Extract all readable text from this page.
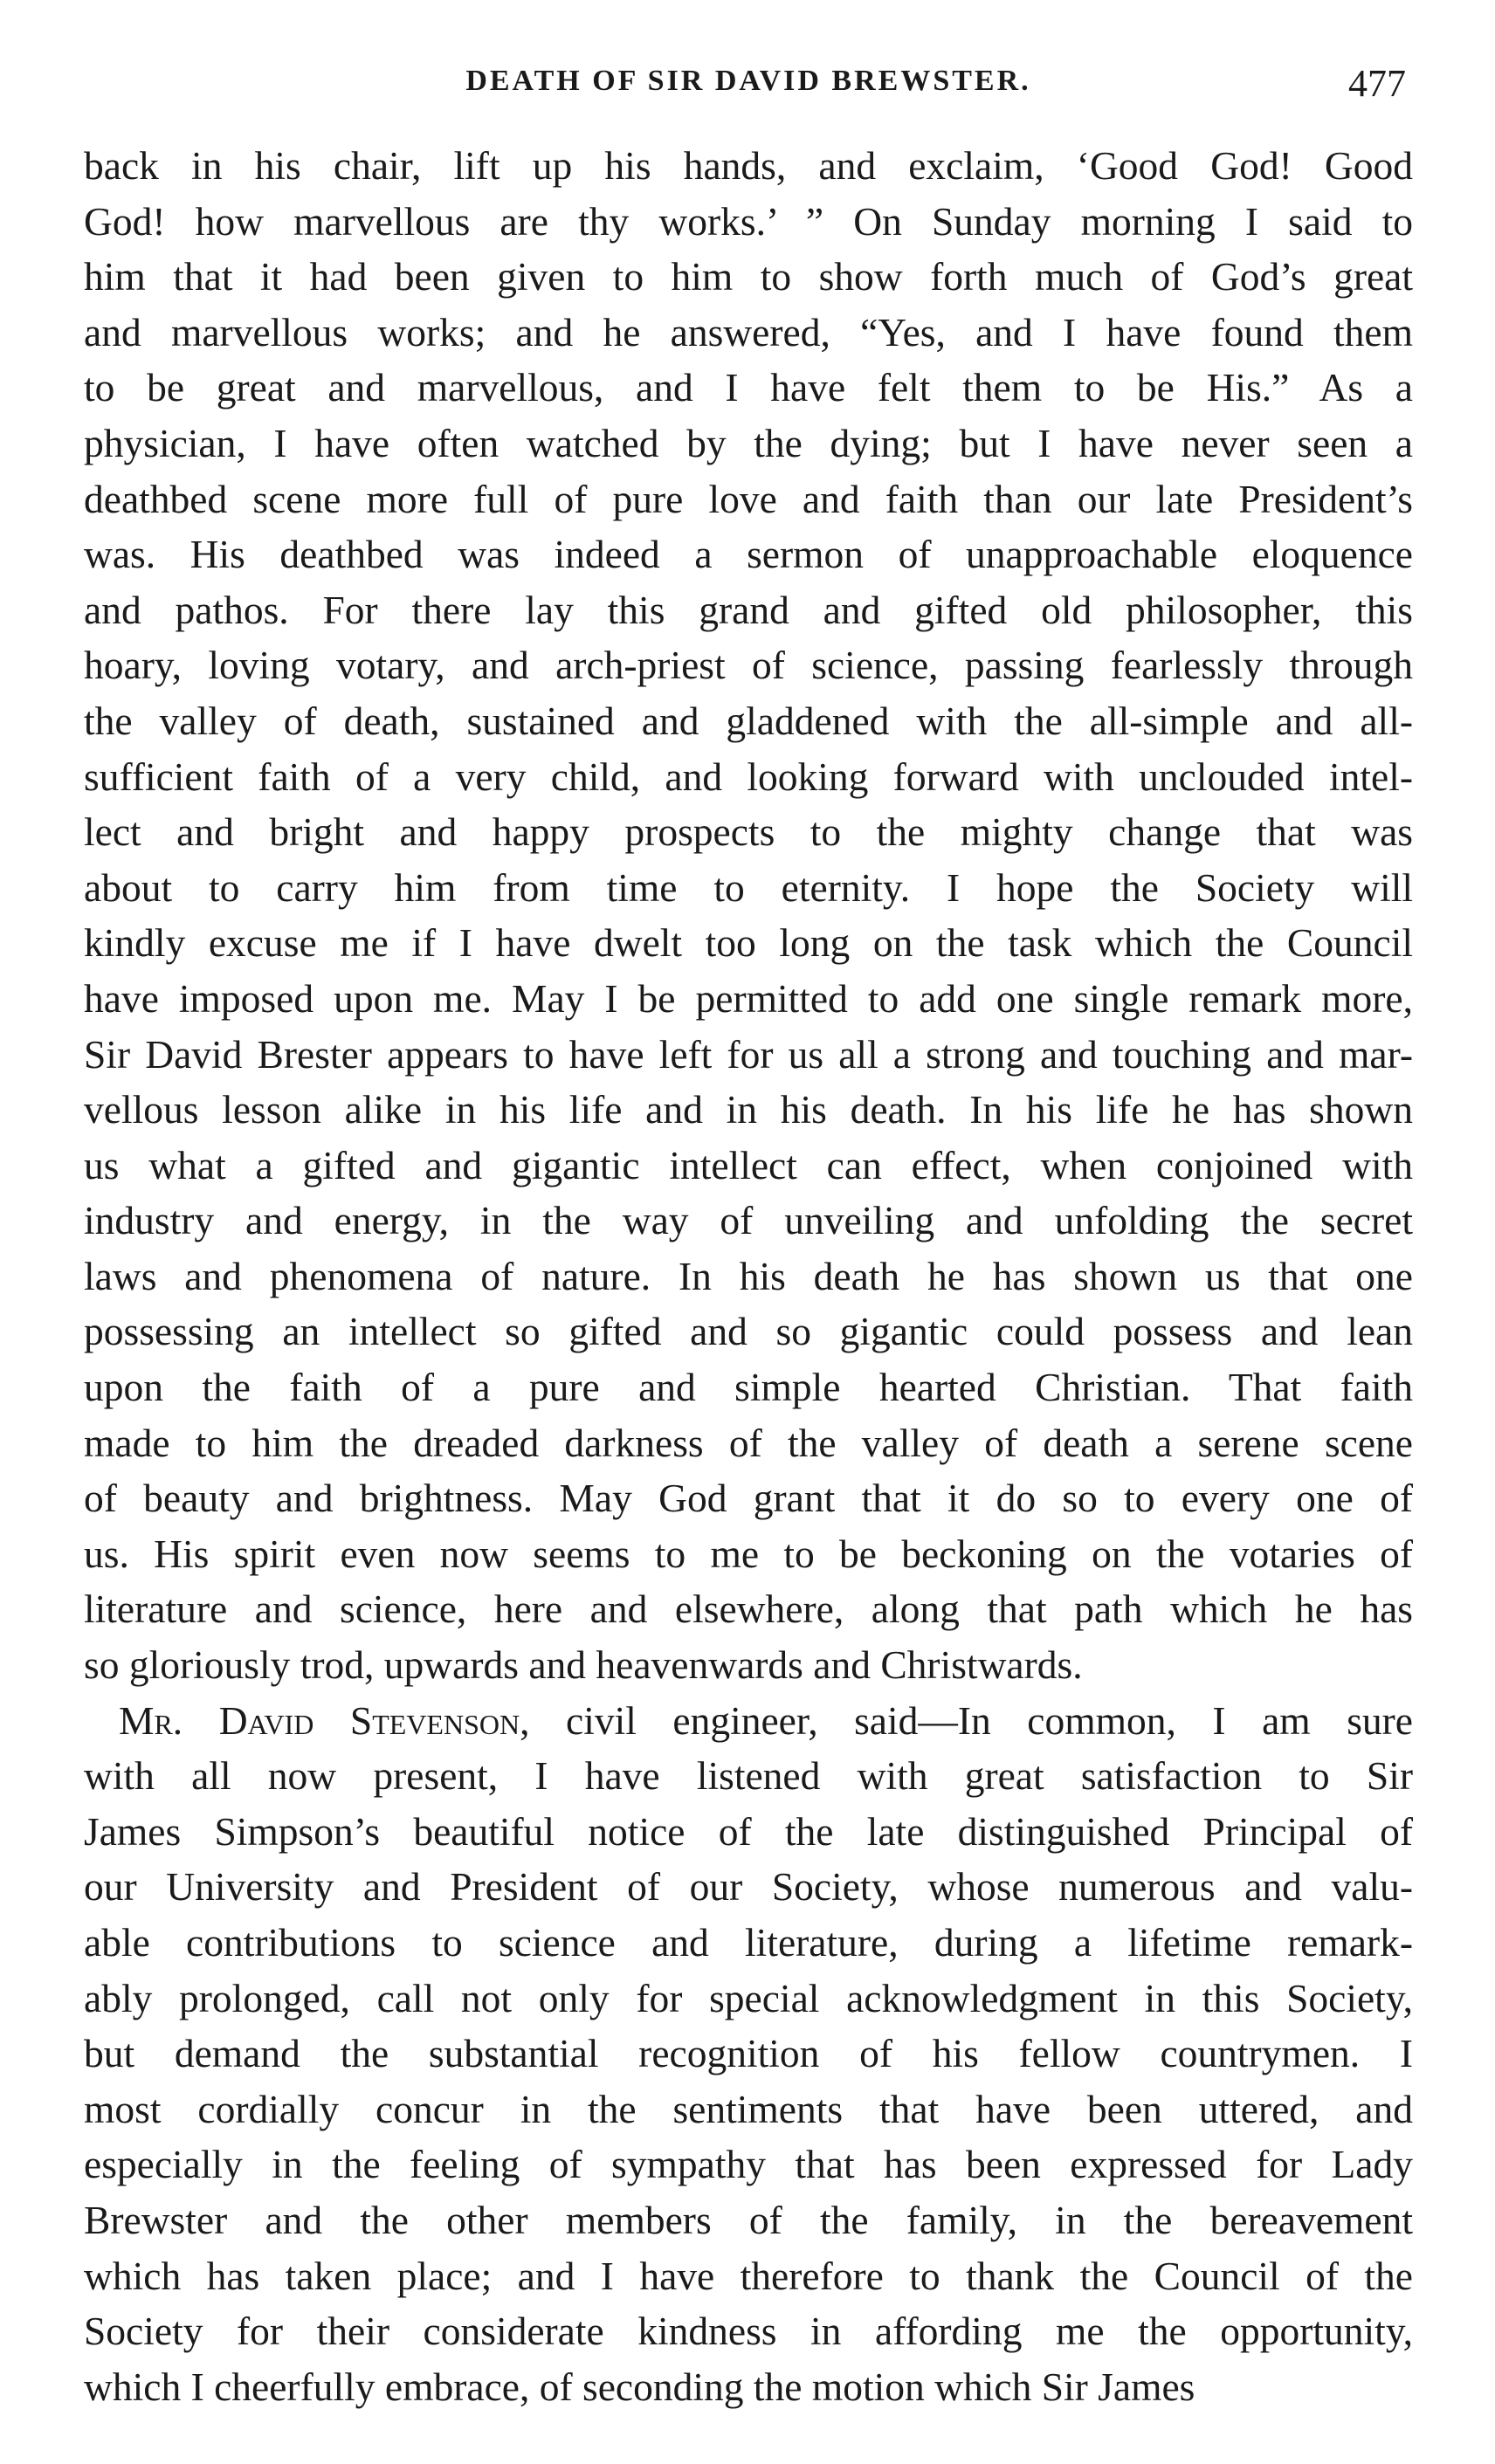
DEATH OF SIR DAVID BREWSTER.	477
back in his chair, lift up his hands, and exclaim, ‘Good God! Good
God! how marvellous are thy works.’ ” On Sunday morning I said to
him that it had been given to him to show forth much of God’s great
and marvellous works; and he answered, “Yes, and I have found them
to be great and marvellous, and I have felt them to be His.” As a
physician, I have often watched by the dying; but I have never seen a
deathbed scene more full of pure love and faith than our late President’s
was. His deathbed was indeed a sermon of unapproachable eloquence
and pathos. For there lay this grand and gifted old philosopher, this
hoary, loving votary, and arch-priest of science, passing fearlessly through
the valley of death, sustained and gladdened with the all-simple and all-
sufficient faith of a very child, and looking forward with unclouded intel-
lect and bright and happy prospects to the mighty change that was
about to carry him from time to eternity. I hope the Society will
kindly excuse me if I have dwelt too long on the task which the Council
have imposed upon me. May I be permitted to add one single remark more,
Sir David Brester appears to have left for us all a strong and touching and mar-
vellous lesson alike in his life and in his death. In his life he has shown
us what a gifted and gigantic intellect can effect, when conjoined with
industry and energy, in the way of unveiling and unfolding the secret
laws and phenomena of nature. In his death he has shown us that one
possessing an intellect so gifted and so gigantic could possess and lean
upon the faith of a pure and simple hearted Christian. That faith
made to him the dreaded darkness of the valley of death a serene scene
of beauty and brightness. May God grant that it do so to every one of
us. His spirit even now seems to me to be beckoning on the votaries of
literature and science, here and elsewhere, along that path which he has
so gloriously trod, upwards and heavenwards and Christwards.
Mr. David Stevenson, civil engineer, said—In common, I am sure
with all now present, I have listened with great satisfaction to Sir
James Simpson’s beautiful notice of the late distinguished Principal of
our University and President of our Society, whose numerous and valu-
able contributions to science and literature, during a lifetime remark-
ably prolonged, call not only for special acknowledgment in this Society,
but demand the substantial recognition of his fellow countrymen. I
most cordially concur in the sentiments that have been uttered, and
especially in the feeling of sympathy that has been expressed for Lady
Brewster and the other members of the family, in the bereavement
which has taken place; and I have therefore to thank the Council of the
Society for their considerate kindness in affording me the opportunity,
which I cheerfully embrace, of seconding the motion which Sir James
